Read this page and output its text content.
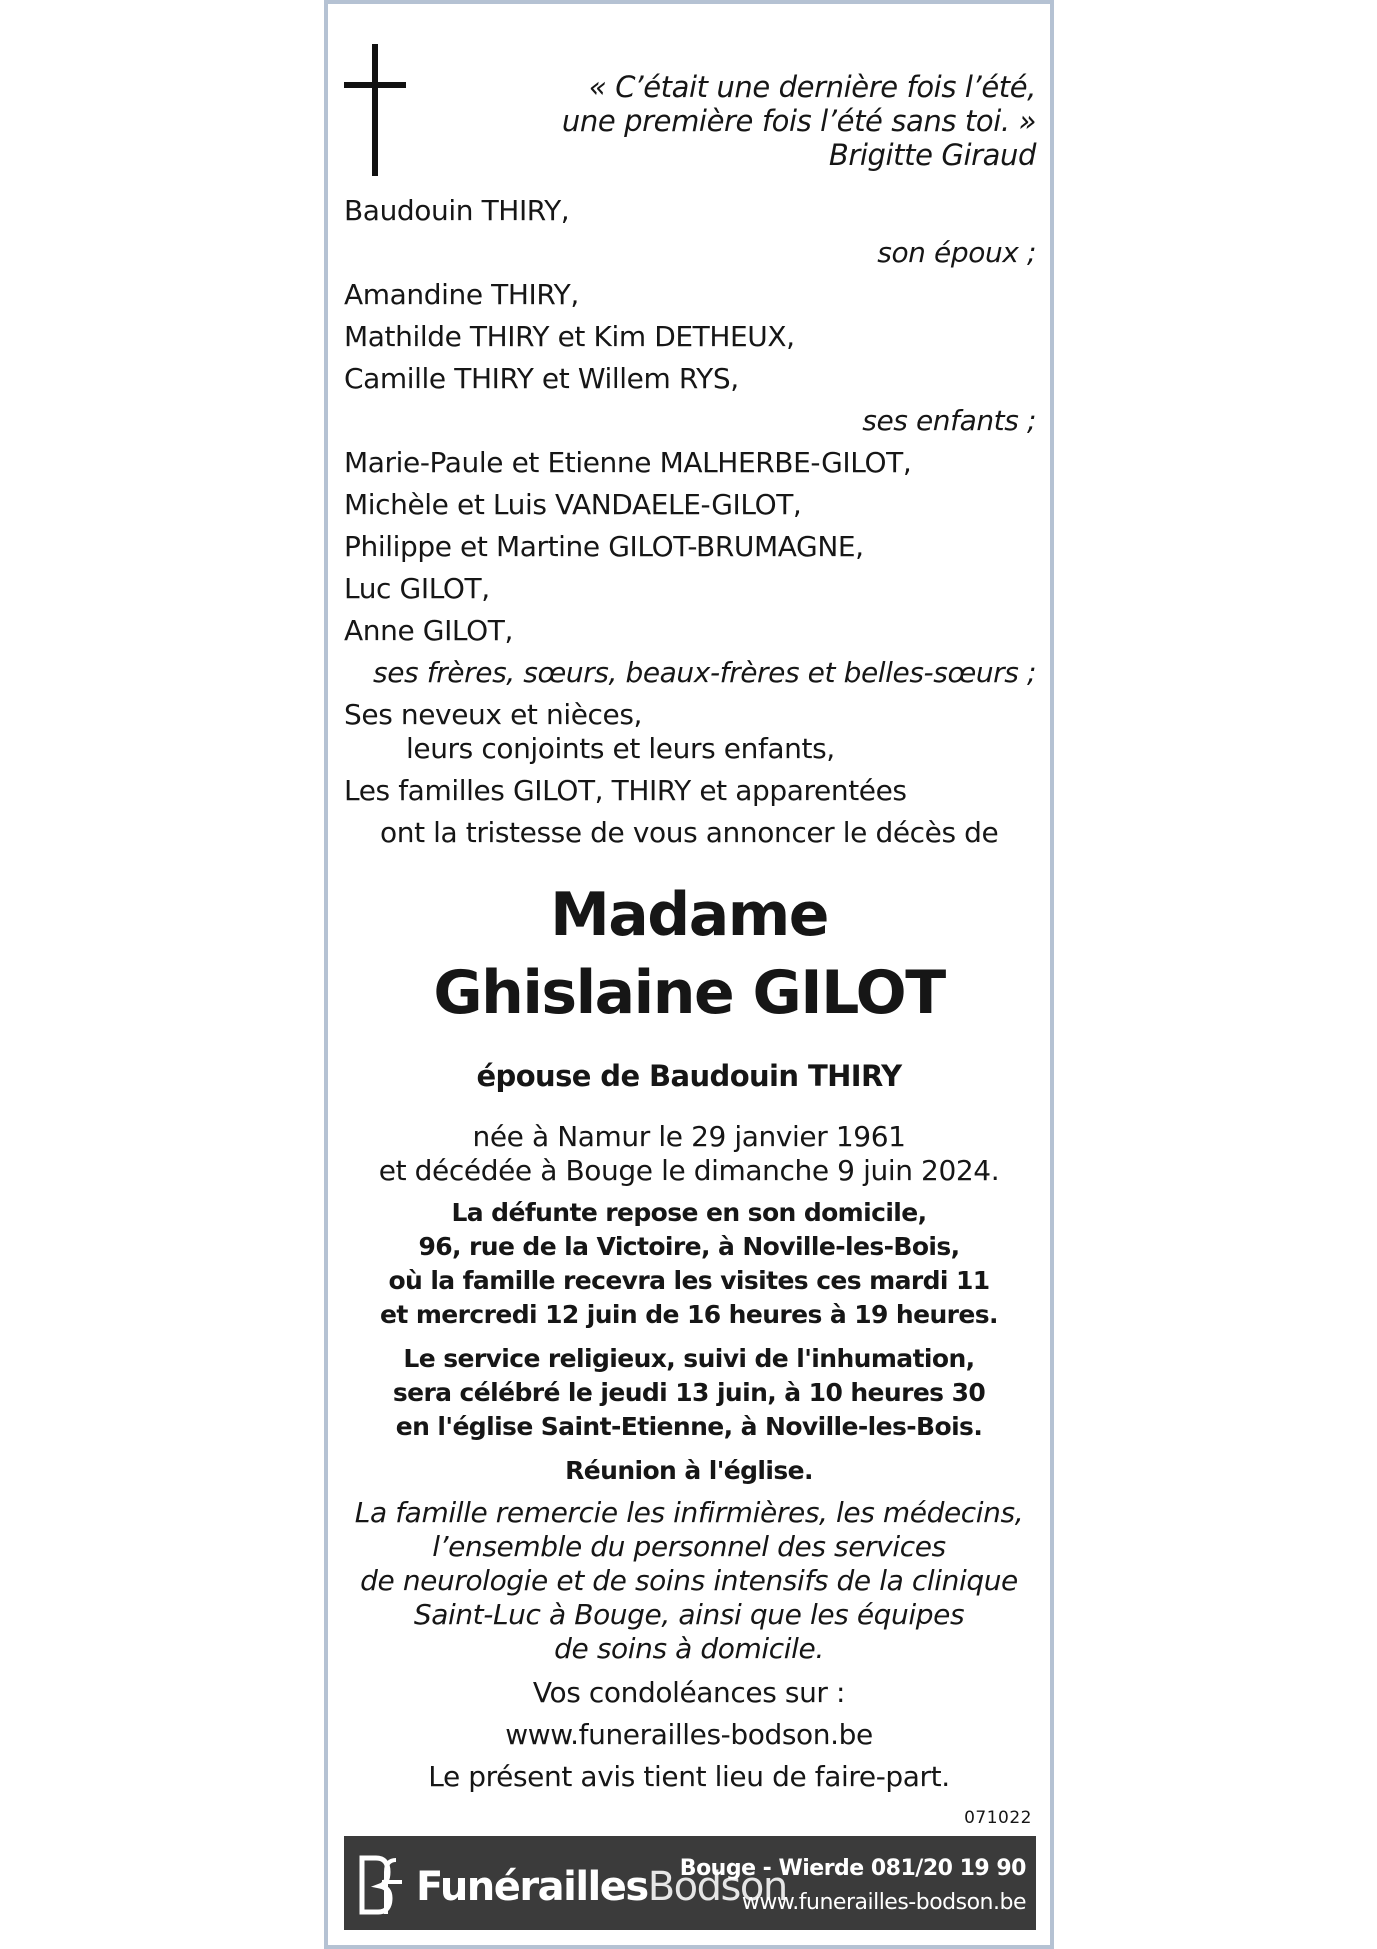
« C’était une dernière fois l’été,
une première fois l’été sans toi. »
Brigitte Giraud
Baudouin THIRY,
son époux ;
Amandine THIRY,
Mathilde THIRY et Kim DETHEUX,
Camille THIRY et Willem RYS,
ses enfants ;
Marie-Paule et Etienne MALHERBE-GILOT,
Michèle et Luis VANDAELE-GILOT,
Philippe et Martine GILOT-BRUMAGNE,
Luc GILOT,
Anne GILOT,
ses frères, sœurs, beaux-frères et belles-sœurs ;
Ses neveux et nièces,
leurs conjoints et leurs enfants,
Les familles GILOT, THIRY et apparentées
ont la tristesse de vous annoncer le décès de
Madame
Ghislaine GILOT
épouse de Baudouin THIRY
née à Namur le 29 janvier 1961
et décédée à Bouge le dimanche 9 juin 2024.
La défunte repose en son domicile,
96, rue de la Victoire, à Noville-les-Bois,
où la famille recevra les visites ces mardi 11
et mercredi 12 juin de 16 heures à 19 heures.
Le service religieux, suivi de l'inhumation,
sera célébré le jeudi 13 juin, à 10 heures 30
en l'église Saint-Etienne, à Noville-les-Bois.
Réunion à l'église.
La famille remercie les infirmières, les médecins,
l’ensemble du personnel des services
de neurologie et de soins intensifs de la clinique
Saint-Luc à Bouge, ainsi que les équipes
de soins à domicile.
Vos condoléances sur :
www.funerailles-bodson.be
Le présent avis tient lieu de faire-part.
071022
FunéraillesBodson
Bouge - Wierde 081/20 19 90
www.funerailles-bodson.be
